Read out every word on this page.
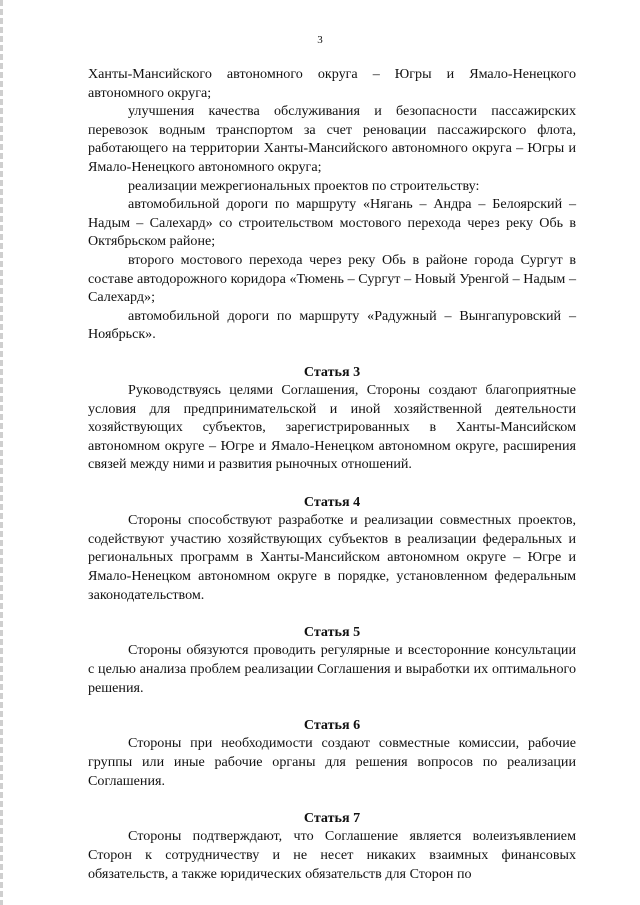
3

Ханты-Мансийского автономного округа – Югры и Ямало-Ненецкого автономного округа;

улучшения качества обслуживания и безопасности пассажирских перевозок водным транспортом за счет реновации пассажирского флота, работающего на территории Ханты-Мансийского автономного округа – Югры и Ямало-Ненецкого автономного округа;

реализации межрегиональных проектов по строительству:

автомобильной дороги по маршруту «Нягань – Андра – Белоярский – Надым – Салехард» со строительством мостового перехода через реку Обь в Октябрьском районе;

второго мостового перехода через реку Обь в районе города Сургут в составе автодорожного коридора «Тюмень – Сургут – Новый Уренгой – Надым – Салехард»;

автомобильной дороги по маршруту «Радужный – Вынгапуровский – Ноябрьск».

Статья 3

Руководствуясь целями Соглашения, Стороны создают благоприятные условия для предпринимательской и иной хозяйственной деятельности хозяйствующих субъектов, зарегистрированных в Ханты-Мансийском автономном округе – Югре и Ямало-Ненецком автономном округе, расширения связей между ними и развития рыночных отношений.

Статья 4

Стороны способствуют разработке и реализации совместных проектов, содействуют участию хозяйствующих субъектов в реализации федеральных и региональных программ в Ханты-Мансийском автономном округе – Югре и Ямало-Ненецком автономном округе в порядке, установленном федеральным законодательством.

Статья 5

Стороны обязуются проводить регулярные и всесторонние консультации с целью анализа проблем реализации Соглашения и выработки их оптимального решения.

Статья 6

Стороны при необходимости создают совместные комиссии, рабочие группы или иные рабочие органы для решения вопросов по реализации Соглашения.

Статья 7

Стороны подтверждают, что Соглашение является волеизъявлением Сторон к сотрудничеству и не несет никаких взаимных финансовых обязательств, а также юридических обязательств для Сторон по
